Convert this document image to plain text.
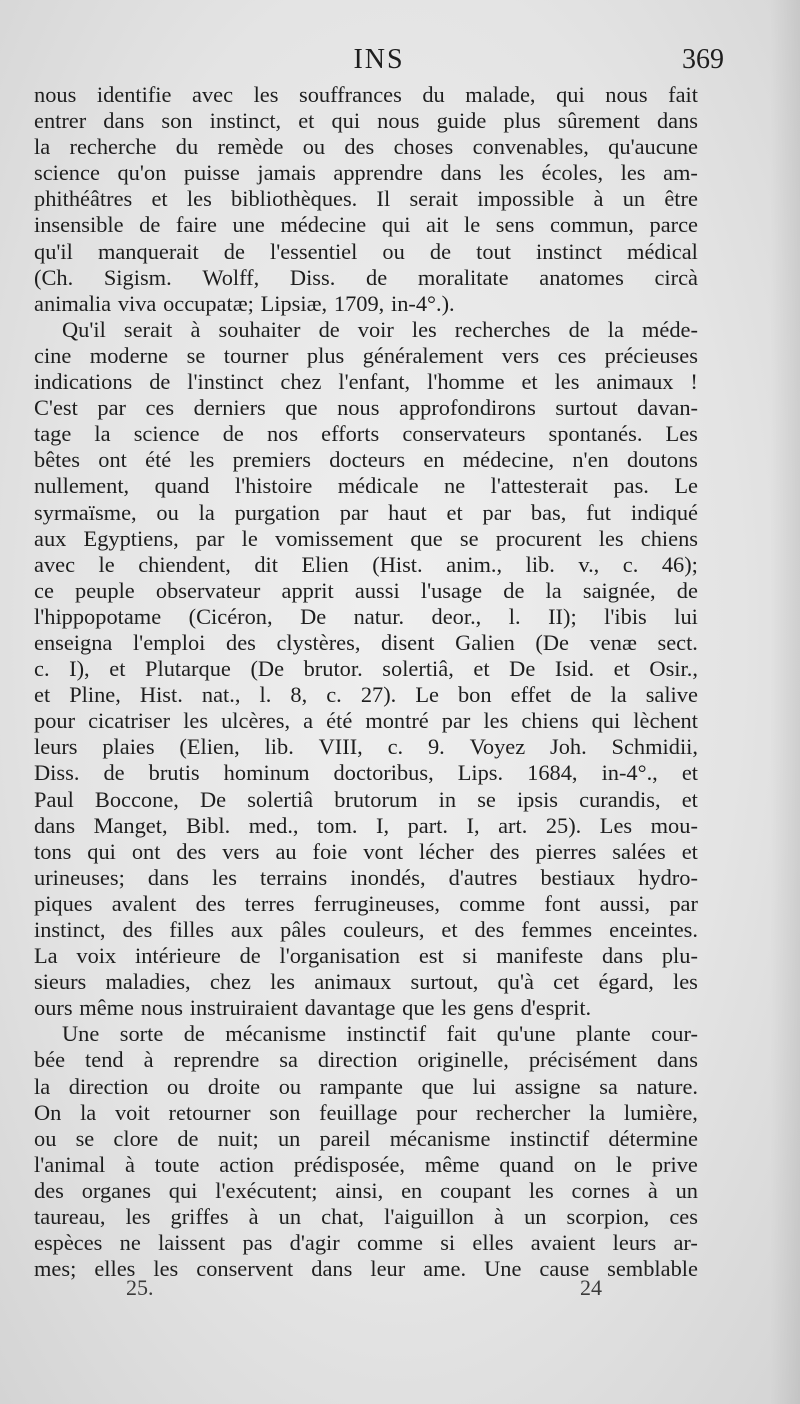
INS	369
nous identifie avec les souffrances du malade, qui nous fait
entrer dans son instinct, et qui nous guide plus sûrement dans
la recherche du remède ou des choses convenables, qu'aucune
science qu'on puisse jamais apprendre dans les écoles, les am-
phithéâtres et les bibliothèques. Il serait impossible à un être
insensible de faire une médecine qui ait le sens commun, parce
qu'il manquerait de l'essentiel ou de tout instinct médical
(Ch. Sigism. Wolff, Diss. de moralitate anatomes circà
animalia viva occupatæ; Lipsiæ, 1709, in-4°.).
Qu'il serait à souhaiter de voir les recherches de la méde-
cine moderne se tourner plus généralement vers ces précieuses
indications de l'instinct chez l'enfant, l'homme et les animaux !
C'est par ces derniers que nous approfondirons surtout davan-
tage la science de nos efforts conservateurs spontanés. Les
bêtes ont été les premiers docteurs en médecine, n'en doutons
nullement, quand l'histoire médicale ne l'attesterait pas. Le
syrmaïsme, ou la purgation par haut et par bas, fut indiqué
aux Egyptiens, par le vomissement que se procurent les chiens
avec le chiendent, dit Elien (Hist. anim., lib. v., c. 46);
ce peuple observateur apprit aussi l'usage de la saignée, de
l'hippopotame (Cicéron, De natur. deor., l. II); l'ibis lui
enseigna l'emploi des clystères, disent Galien (De venæ sect.
c. I), et Plutarque (De brutor. solertiâ, et De Isid. et Osir.,
et Pline, Hist. nat., l. 8, c. 27). Le bon effet de la salive
pour cicatriser les ulcères, a été montré par les chiens qui lèchent
leurs plaies (Elien, lib. VIII, c. 9. Voyez Joh. Schmidii,
Diss. de brutis hominum doctoribus, Lips. 1684, in-4°., et
Paul Boccone, De solertiâ brutorum in se ipsis curandis, et
dans Manget, Bibl. med., tom. I, part. I, art. 25). Les mou-
tons qui ont des vers au foie vont lécher des pierres salées et
urineuses; dans les terrains inondés, d'autres bestiaux hydro-
piques avalent des terres ferrugineuses, comme font aussi, par
instinct, des filles aux pâles couleurs, et des femmes enceintes.
La voix intérieure de l'organisation est si manifeste dans plu-
sieurs maladies, chez les animaux surtout, qu'à cet égard, les
ours même nous instruiraient davantage que les gens d'esprit.
Une sorte de mécanisme instinctif fait qu'une plante cour-
bée tend à reprendre sa direction originelle, précisément dans
la direction ou droite ou rampante que lui assigne sa nature.
On la voit retourner son feuillage pour rechercher la lumière,
ou se clore de nuit; un pareil mécanisme instinctif détermine
l'animal à toute action prédisposée, même quand on le prive
des organes qui l'exécutent; ainsi, en coupant les cornes à un
taureau, les griffes à un chat, l'aiguillon à un scorpion, ces
espèces ne laissent pas d'agir comme si elles avaient leurs ar-
mes; elles les conservent dans leur ame. Une cause semblable
25.	24
